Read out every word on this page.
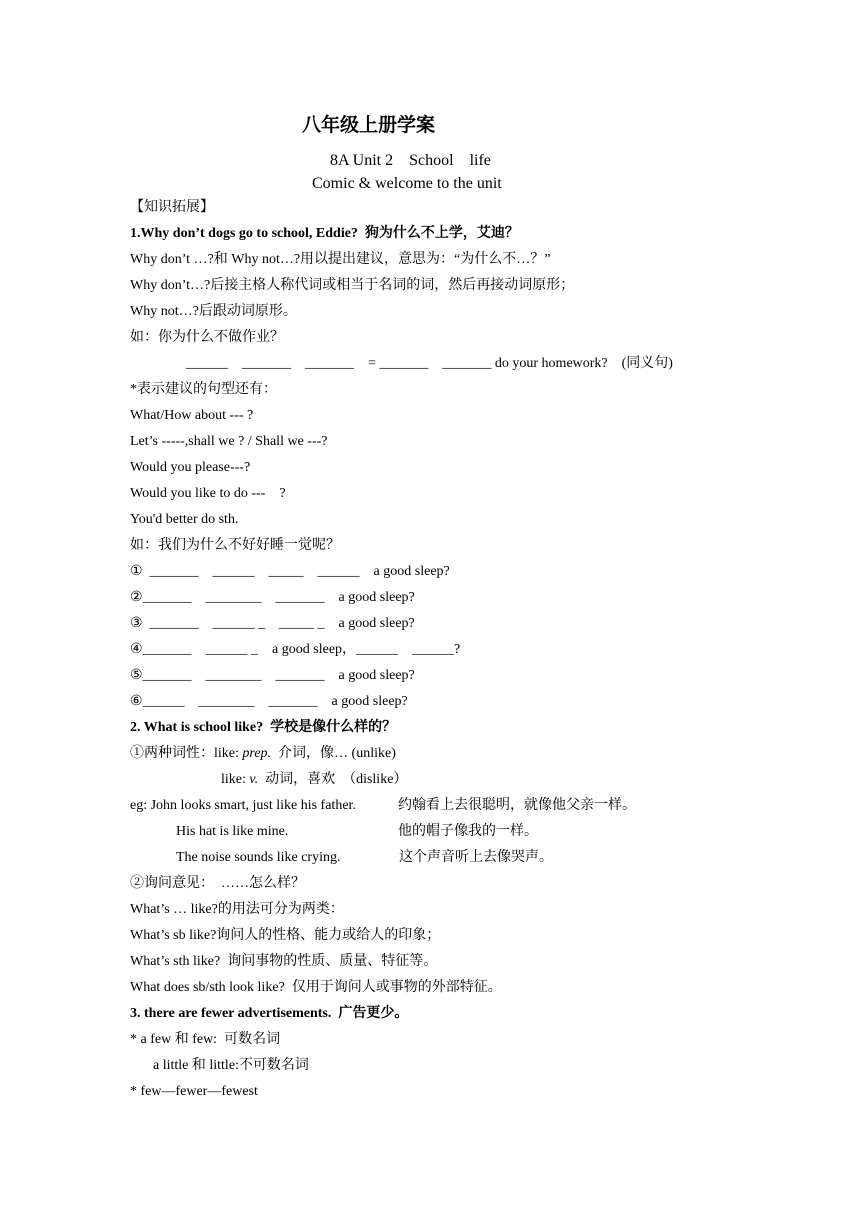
八年级上册学案
8A Unit 2    School    life
Comic & welcome to the unit
【知识拓展】
1.Why don’t dogs go to school, Eddie?  狗为什么不上学，艾迪？
Why don’t …?和 Why not…?用以提出建议，意思为：“为什么不…？”
Why don’t…?后接主格人称代词或相当于名词的词，然后再接动词原形；
Why not…?后跟动词原形。
如：你为什么不做作业？
______    _______    _______    = _______    _______ do your homework?    (同义句)
*表示建议的句型还有：
What/How about --- ?
Let’s -----,shall we ? / Shall we ---?
Would you please---?
Would you like to do ---    ?
You'd better do sth.
如：我们为什么不好好睡一觉呢？
①  _______    ______    _____    ______    a good sleep?
②_______    ________    _______    a good sleep?
③  _______    ______ _    _____ _    a good sleep?
④_______    ______ _    a good sleep，______    ______?
⑤_______    ________    _______    a good sleep?
⑥______    ________    _______    a good sleep?
2. What is school like?  学校是像什么样的？
①两种词性：like: prep.  介词，像… (unlike)
like: v.  动词，喜欢  （dislike）
eg: John looks smart, just like his father.	约翰看上去很聪明，就像他父亲一样。
His hat is like mine.	他的帽子像我的一样。
The noise sounds like crying.	这个声音听上去像哭声。
②询问意见：  ……怎么样？
What’s … like?的用法可分为两类：
What’s sb like?询问人的性格、能力或给人的印象；
What’s sth like?  询问事物的性质、质量、特征等。
What does sb/sth look like?  仅用于询问人或事物的外部特征。
3. there are fewer advertisements.  广告更少。
* a few 和 few:  可数名词
a little 和 little:不可数名词
* few—fewer—fewest
